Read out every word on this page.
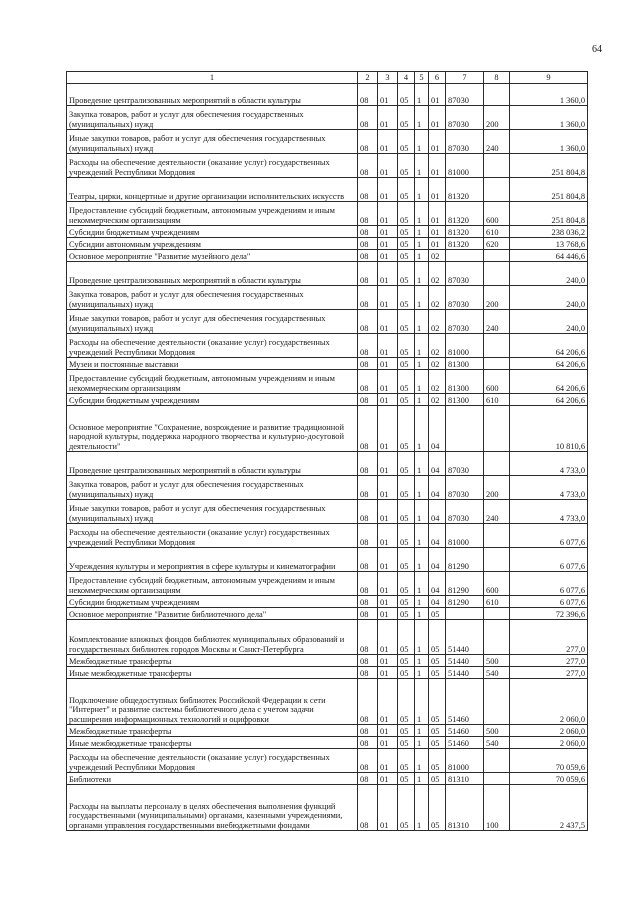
64
1	2	3	4	5	6	7	8	9
Проведение централизованных мероприятий в области культуры	08	01	05	1	01	87030		1 360,0
Закупка товаров, работ и услуг для обеспечения государственных (муниципальных) нужд	08	01	05	1	01	87030	200	1 360,0
Иные закупки товаров, работ и услуг для обеспечения государственных (муниципальных) нужд	08	01	05	1	01	87030	240	1 360,0
Расходы на обеспечение деятельности (оказание услуг) государственных учреждений Республики Мордовия	08	01	05	1	01	81000		251 804,8
Театры, цирки, концертные и другие организации исполнительских искусств	08	01	05	1	01	81320		251 804,8
Предоставление субсидий бюджетным, автономным учреждениям и иным некоммерческим организациям	08	01	05	1	01	81320	600	251 804,8
Субсидии бюджетным учреждениям	08	01	05	1	01	81320	610	238 036,2
Субсидии автономным учреждениям	08	01	05	1	01	81320	620	13 768,6
Основное мероприятие "Развитие музейного дела"	08	01	05	1	02			64 446,6
Проведение централизованных мероприятий в области культуры	08	01	05	1	02	87030		240,0
Закупка товаров, работ и услуг для обеспечения государственных (муниципальных) нужд	08	01	05	1	02	87030	200	240,0
Иные закупки товаров, работ и услуг для обеспечения государственных (муниципальных) нужд	08	01	05	1	02	87030	240	240,0
Расходы на обеспечение деятельности (оказание услуг) государственных учреждений Республики Мордовия	08	01	05	1	02	81000		64 206,6
Музеи и постоянные выставки	08	01	05	1	02	81300		64 206,6
Предоставление субсидий бюджетным, автономным учреждениям и иным некоммерческим организациям	08	01	05	1	02	81300	600	64 206,6
Субсидии бюджетным учреждениям	08	01	05	1	02	81300	610	64 206,6
Основное мероприятие "Сохранение, возрождение и развитие традиционной народной культуры, поддержка народного творчества и культурно-досуговой деятельности"	08	01	05	1	04			10 810,6
Проведение централизованных мероприятий в области культуры	08	01	05	1	04	87030		4 733,0
Закупка товаров, работ и услуг для обеспечения государственных (муниципальных) нужд	08	01	05	1	04	87030	200	4 733,0
Иные закупки товаров, работ и услуг для обеспечения государственных (муниципальных) нужд	08	01	05	1	04	87030	240	4 733,0
Расходы на обеспечение деятельности (оказание услуг) государственных учреждений Республики Мордовия	08	01	05	1	04	81000		6 077,6
Учреждения культуры и мероприятия в сфере культуры и кинематографии	08	01	05	1	04	81290		6 077,6
Предоставление субсидий бюджетным, автономным учреждениям и иным некоммерческим организациям	08	01	05	1	04	81290	600	6 077,6
Субсидии бюджетным учреждениям	08	01	05	1	04	81290	610	6 077,6
Основное мероприятие "Развитие библиотечного дела"	08	01	05	1	05			72 396,6
Комплектование книжных фондов библиотек муниципальных образований и государственных библиотек городов Москвы и Санкт-Петербурга	08	01	05	1	05	51440		277,0
Межбюджетные трансферты	08	01	05	1	05	51440	500	277,0
Иные межбюджетные трансферты	08	01	05	1	05	51440	540	277,0
Подключение общедоступных библиотек Российской Федерации к сети "Интернет" и развитие системы библиотечного дела с учетом задачи расширения информационных технологий и оцифровки	08	01	05	1	05	51460		2 060,0
Межбюджетные трансферты	08	01	05	1	05	51460	500	2 060,0
Иные межбюджетные трансферты	08	01	05	1	05	51460	540	2 060,0
Расходы на обеспечение деятельности (оказание услуг) государственных учреждений Республики Мордовия	08	01	05	1	05	81000		70 059,6
Библиотеки	08	01	05	1	05	81310		70 059,6
Расходы на выплаты персоналу в целях обеспечения выполнения функций государственными (муниципальными) органами, казенными учреждениями, органами управления государственными внебюджетными фондами	08	01	05	1	05	81310	100	2 437,5
